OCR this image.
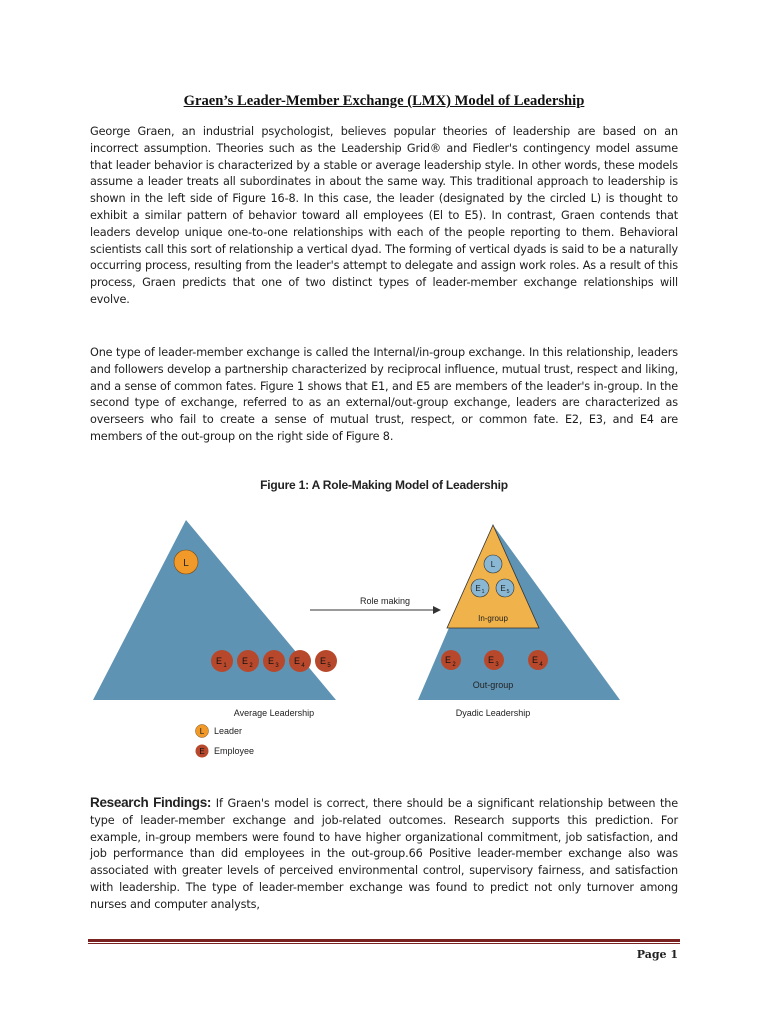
Graen’s Leader-Member Exchange (LMX) Model of Leadership
George Graen, an industrial psychologist, believes popular theories of leadership are based on an incorrect assumption. Theories such as the Leadership Grid® and Fiedler's contingency model assume that leader behavior is characterized by a stable or average leadership style. In other words, these models assume a leader treats all subordinates in about the same way. This traditional approach to leadership is shown in the left side of Figure 16-8. In this case, the leader (designated by the circled L) is thought to exhibit a similar pattern of behavior toward all employees (El to E5). In contrast, Graen contends that leaders develop unique one-to-one relationships with each of the people reporting to them. Behavioral scientists call this sort of relationship a vertical dyad. The forming of vertical dyads is said to be a naturally occurring process, resulting from the leader's attempt to delegate and assign work roles. As a result of this process, Graen predicts that one of two distinct types of leader-member exchange relationships will evolve.
One type of leader-member exchange is called the Internal/in-group exchange. In this relationship, leaders and followers develop a partnership characterized by reciprocal influence, mutual trust, respect and liking, and a sense of common fates. Figure 1 shows that E1, and E5 are members of the leader's in-group. In the second type of exchange, referred to as an external/out-group exchange, leaders are characterized as overseers who fail to create a sense of mutual trust, respect, or common fate. E2, E3, and E4 are members of the out-group on the right side of Figure 8.
Figure 1: A Role-Making Model of Leadership
L
E 1 E 2 E 3 E 4 E 5
Average Leadership
Role making
L
E 1 E 5
In-group
E 2	E 3	E 4
Out-group
Dyadic Leadership
L Leader
E Employee
Research Findings: If Graen's model is correct, there should be a significant relationship between the type of leader-member exchange and job-related outcomes. Research supports this prediction. For example, in-group members were found to have higher organizational commitment, job satisfaction, and job performance than did employees in the out-group.66 Positive leader-member exchange also was associated with greater levels of perceived environmental control, supervisory fairness, and satisfaction with leadership. The type of leader-member exchange was found to predict not only turnover among nurses and computer analysts,
Page 1
